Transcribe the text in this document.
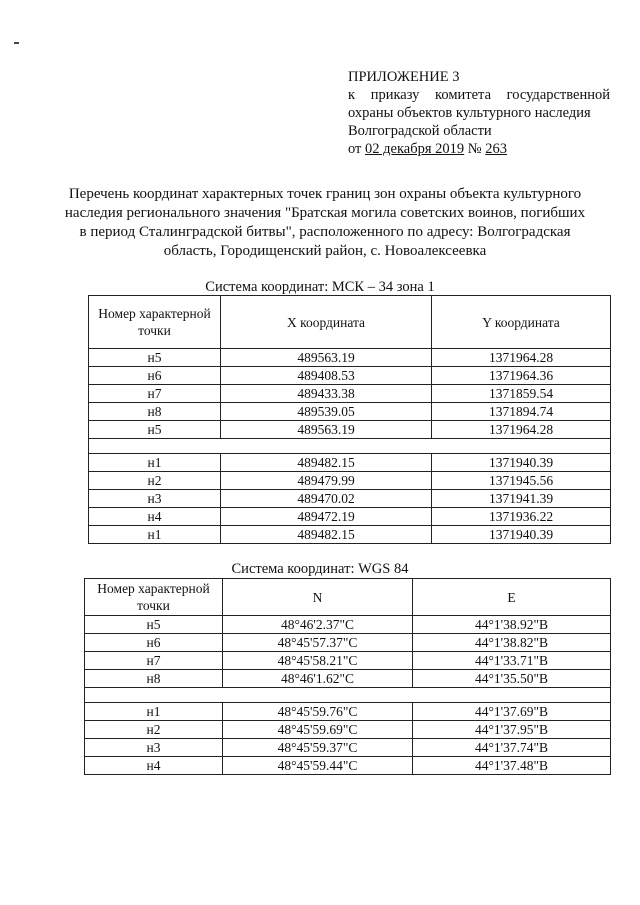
ПРИЛОЖЕНИЕ 3
к приказу комитета государственной
охраны объектов культурного наследия
Волгоградской области
от 02 декабря 2019 № 263
Перечень координат характерных точек границ зон охраны объекта культурного наследия регионального значения "Братская могила советских воинов, погибших в период Сталинградской битвы", расположенного по адресу: Волгоградская область, Городищенский район, с. Новоалексеевка
Система координат: МСК – 34 зона 1
Номер характерной точки	Х координата	Y координата
н5	489563.19	1371964.28
н6	489408.53	1371964.36
н7	489433.38	1371859.54
н8	489539.05	1371894.74
н5	489563.19	1371964.28

н1	489482.15	1371940.39
н2	489479.99	1371945.56
н3	489470.02	1371941.39
н4	489472.19	1371936.22
н1	489482.15	1371940.39
Система координат: WGS 84
Номер характерной точки	N	E
н5	48°46'2.37"С	44°1'38.92"В
н6	48°45'57.37"С	44°1'38.82"В
н7	48°45'58.21"С	44°1'33.71"В
н8	48°46'1.62"С	44°1'35.50"В

н1	48°45'59.76"С	44°1'37.69"В
н2	48°45'59.69"С	44°1'37.95"В
н3	48°45'59.37"С	44°1'37.74"В
н4	48°45'59.44"С	44°1'37.48"В
